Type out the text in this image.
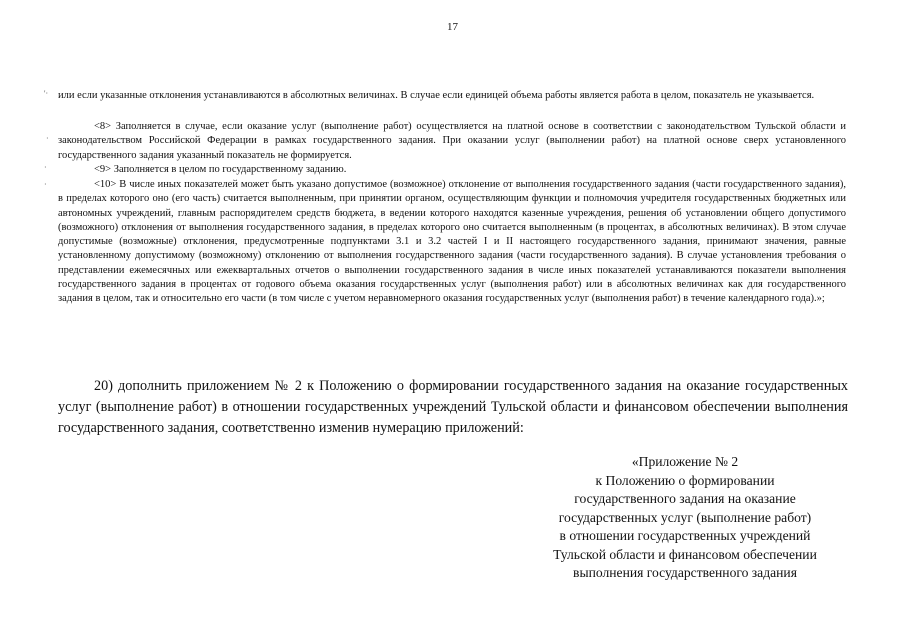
17
'·
·
·
·

или если указанные отклонения устанавливаются в абсолютных величинах. В случае если единицей объема работы является работа в целом, показатель не указывается.

<8> Заполняется в случае, если оказание услуг (выполнение работ) осуществляется на платной основе в соответствии с законодательством Тульской области и законодательством Российской Федерации в рамках государственного задания. При оказании услуг (выполнении работ) на платной основе сверх установленного государственного задания указанный показатель не формируется.

<9> Заполняется в целом по государственному заданию.

<10> В числе иных показателей может быть указано допустимое (возможное) отклонение от выполнения государственного задания (части государственного задания), в пределах которого оно (его часть) считается выполненным, при принятии органом, осуществляющим функции и полномочия учредителя государственных бюджетных или автономных учреждений, главным распорядителем средств бюджета, в ведении которого находятся казенные учреждения, решения об установлении общего допустимого (возможного) отклонения от выполнения государственного задания, в пределах которого оно считается выполненным (в процентах, в абсолютных величинах). В этом случае допустимые (возможные) отклонения, предусмотренные подпунктами 3.1 и 3.2 частей I и II настоящего государственного задания, принимают значения, равные установленному допустимому (возможному) отклонению от выполнения государственного задания (части государственного задания). В случае установления требования о представлении ежемесячных или ежеквартальных отчетов о выполнении государственного задания в числе иных показателей устанавливаются показатели выполнения государственного задания в процентах от годового объема оказания государственных услуг (выполнения работ) или в абсолютных величинах как для государственного задания в целом, так и относительно его части (в том числе с учетом неравномерного оказания государственных услуг (выполнения работ) в течение календарного года).»;

20) дополнить приложением № 2 к Положению о формировании государственного задания на оказание государственных услуг (выполнение работ) в отношении государственных учреждений Тульской области и финансовом обеспечении выполнения государственного задания, соответственно изменив нумерацию приложений:

«Приложение № 2
к Положению о формировании
государственного задания на оказание
государственных услуг (выполнение работ)
в отношении государственных учреждений
Тульской области и финансовом обеспечении
выполнения государственного задания
